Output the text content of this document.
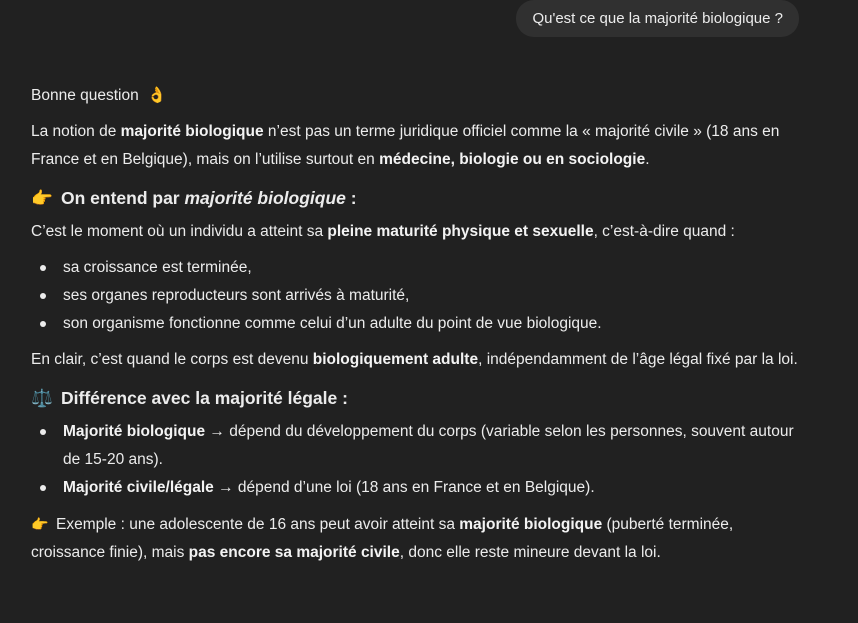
Qu'est ce que la majorité biologique ?

Bonne question 👌

La notion de majorité biologique n’est pas un terme juridique officiel comme la « majorité civile » (18 ans en France et en Belgique), mais on l’utilise surtout en médecine, biologie ou en sociologie.

👉 On entend par majorité biologique :

C’est le moment où un individu a atteint sa pleine maturité physique et sexuelle, c’est-à-dire quand :

sa croissance est terminée,
ses organes reproducteurs sont arrivés à maturité,
son organisme fonctionne comme celui d’un adulte du point de vue biologique.

En clair, c’est quand le corps est devenu biologiquement adulte, indépendamment de l’âge légal fixé par la loi.

⚖️ Différence avec la majorité légale :
Majorité biologique → dépend du développement du corps (variable selon les personnes, souvent autour de 15-20 ans).
Majorité civile/légale → dépend d’une loi (18 ans en France et en Belgique).

👉 Exemple : une adolescente de 16 ans peut avoir atteint sa majorité biologique (puberté terminée, croissance finie), mais pas encore sa majorité civile, donc elle reste mineure devant la loi.
